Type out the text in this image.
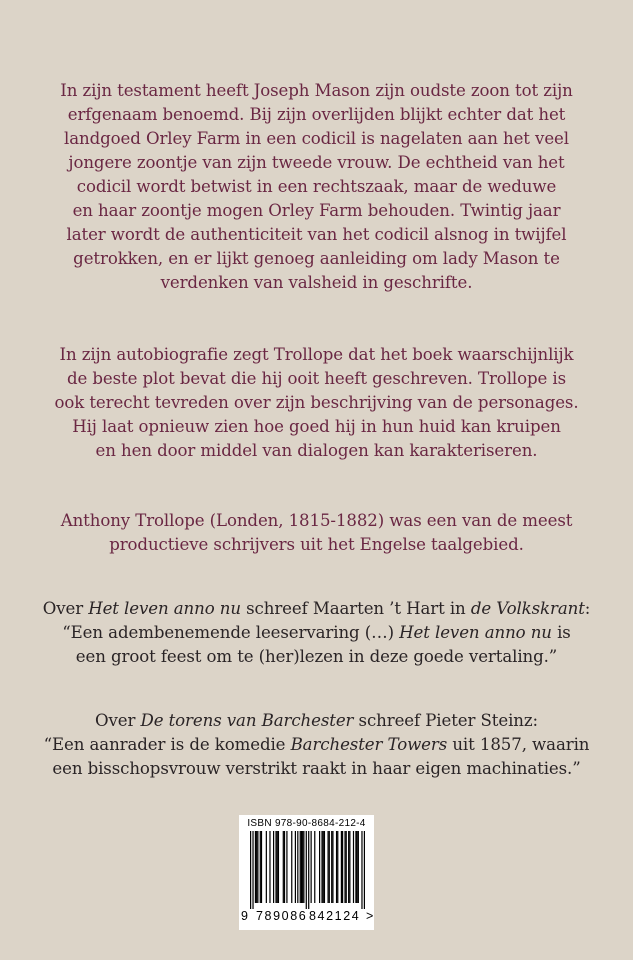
In zijn testament heeft Joseph Mason zijn oudste zoon tot zijn
erfgenaam benoemd. Bij zijn overlijden blijkt echter dat het
landgoed Orley Farm in een codicil is nagelaten aan het veel
jongere zoontje van zijn tweede vrouw. De echtheid van het
codicil wordt betwist in een rechtszaak, maar de weduwe
en haar zoontje mogen Orley Farm behouden. Twintig jaar
later wordt de authenticiteit van het codicil alsnog in twijfel
getrokken, en er lijkt genoeg aanleiding om lady Mason te
verdenken van valsheid in geschrifte.
In zijn autobiografie zegt Trollope dat het boek waarschijnlijk
de beste plot bevat die hij ooit heeft geschreven. Trollope is
ook terecht tevreden over zijn beschrijving van de personages.
Hij laat opnieuw zien hoe goed hij in hun huid kan kruipen
en hen door middel van dialogen kan karakteriseren.
Anthony Trollope (Londen, 1815-1882) was een van de meest
productieve schrijvers uit het Engelse taalgebied.
Over Het leven anno nu schreef Maarten ’t Hart in de Volkskrant:
“Een adembenemende leeservaring (…) Het leven anno nu is
een groot feest om te (her)lezen in deze goede vertaling.”
Over De torens van Barchester schreef Pieter Steinz:
“Een aanrader is de komedie Barchester Towers uit 1857, waarin
een bisschopsvrouw verstrikt raakt in haar eigen machinaties.”
ISBN 978-90-8684-212-4
9 789086 842124 >
